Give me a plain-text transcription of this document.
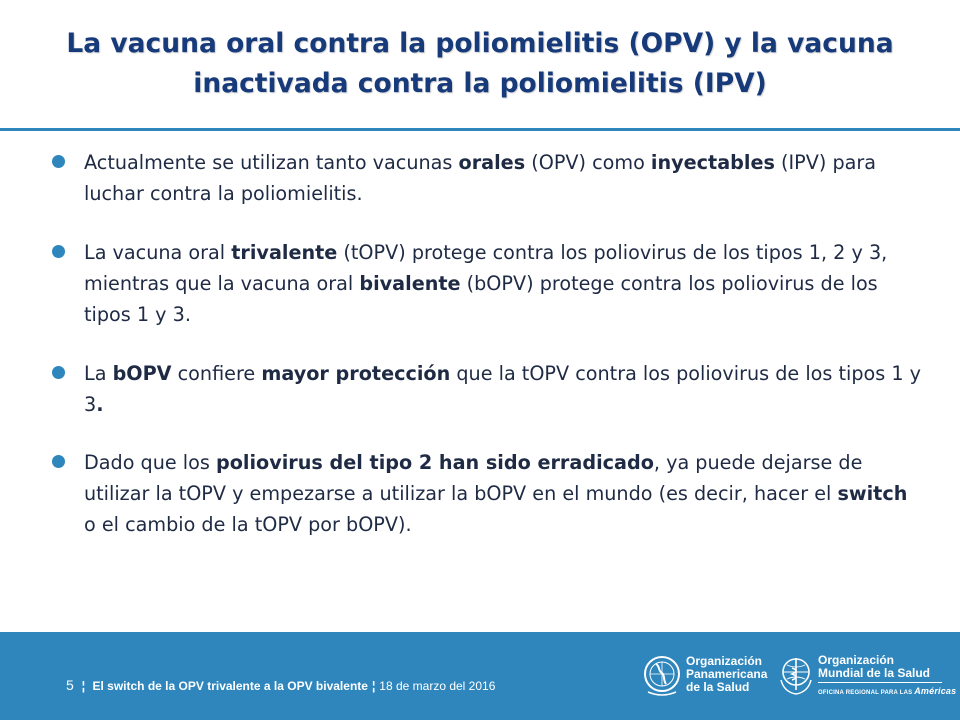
La vacuna oral contra la poliomielitis (OPV) y la vacuna
inactivada contra la poliomielitis (IPV)
Actualmente se utilizan tanto vacunas orales (OPV) como inyectables (IPV) para luchar contra la poliomielitis.
La vacuna oral trivalente (tOPV) protege contra los poliovirus de los tipos 1, 2 y 3, mientras que la vacuna oral bivalente (bOPV) protege contra los poliovirus de los tipos 1 y 3.
La bOPV confiere mayor protección que la tOPV contra los poliovirus de los tipos 1 y 3.
Dado que los poliovirus del tipo 2 han sido erradicado, ya puede dejarse de utilizar la tOPV y empezarse a utilizar la bOPV en el mundo (es decir, hacer el switch o el cambio de la tOPV por bOPV).
5 ¦ El switch de la OPV trivalente a la OPV bivalente ¦ 18 de marzo del 2016
Organización
Panamericana
de la Salud
Organización
Mundial de la Salud
OFICINA REGIONAL PARA LAS Américas
